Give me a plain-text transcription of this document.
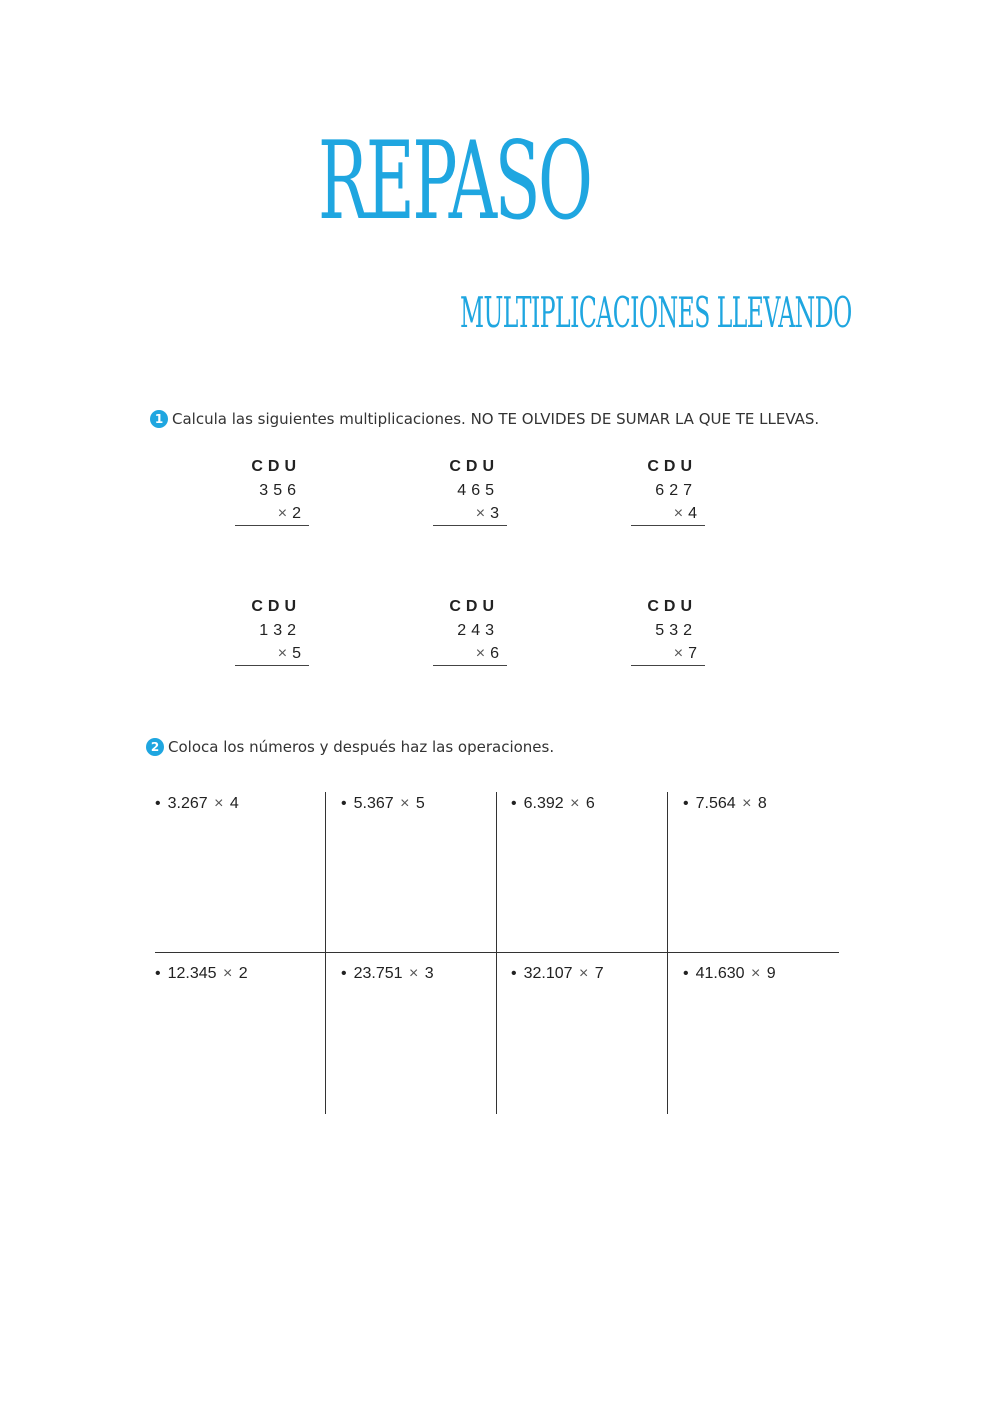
REPASO
MULTIPLICACIONES LLEVANDO
1 Calcula las siguientes multiplicaciones. NO TE OLVIDES DE SUMAR LA QUE TE LLEVAS.
CDU
356
× 2
CDU
465
× 3
CDU
627
× 4
CDU
132
× 5
CDU
243
× 6
CDU
532
× 7
2 Coloca los números y después haz las operaciones.
• 3.267 × 4	• 5.367 × 5	• 6.392 × 6	• 7.564 × 8
• 12.345 × 2	• 23.751 × 3	• 32.107 × 7	• 41.630 × 9
